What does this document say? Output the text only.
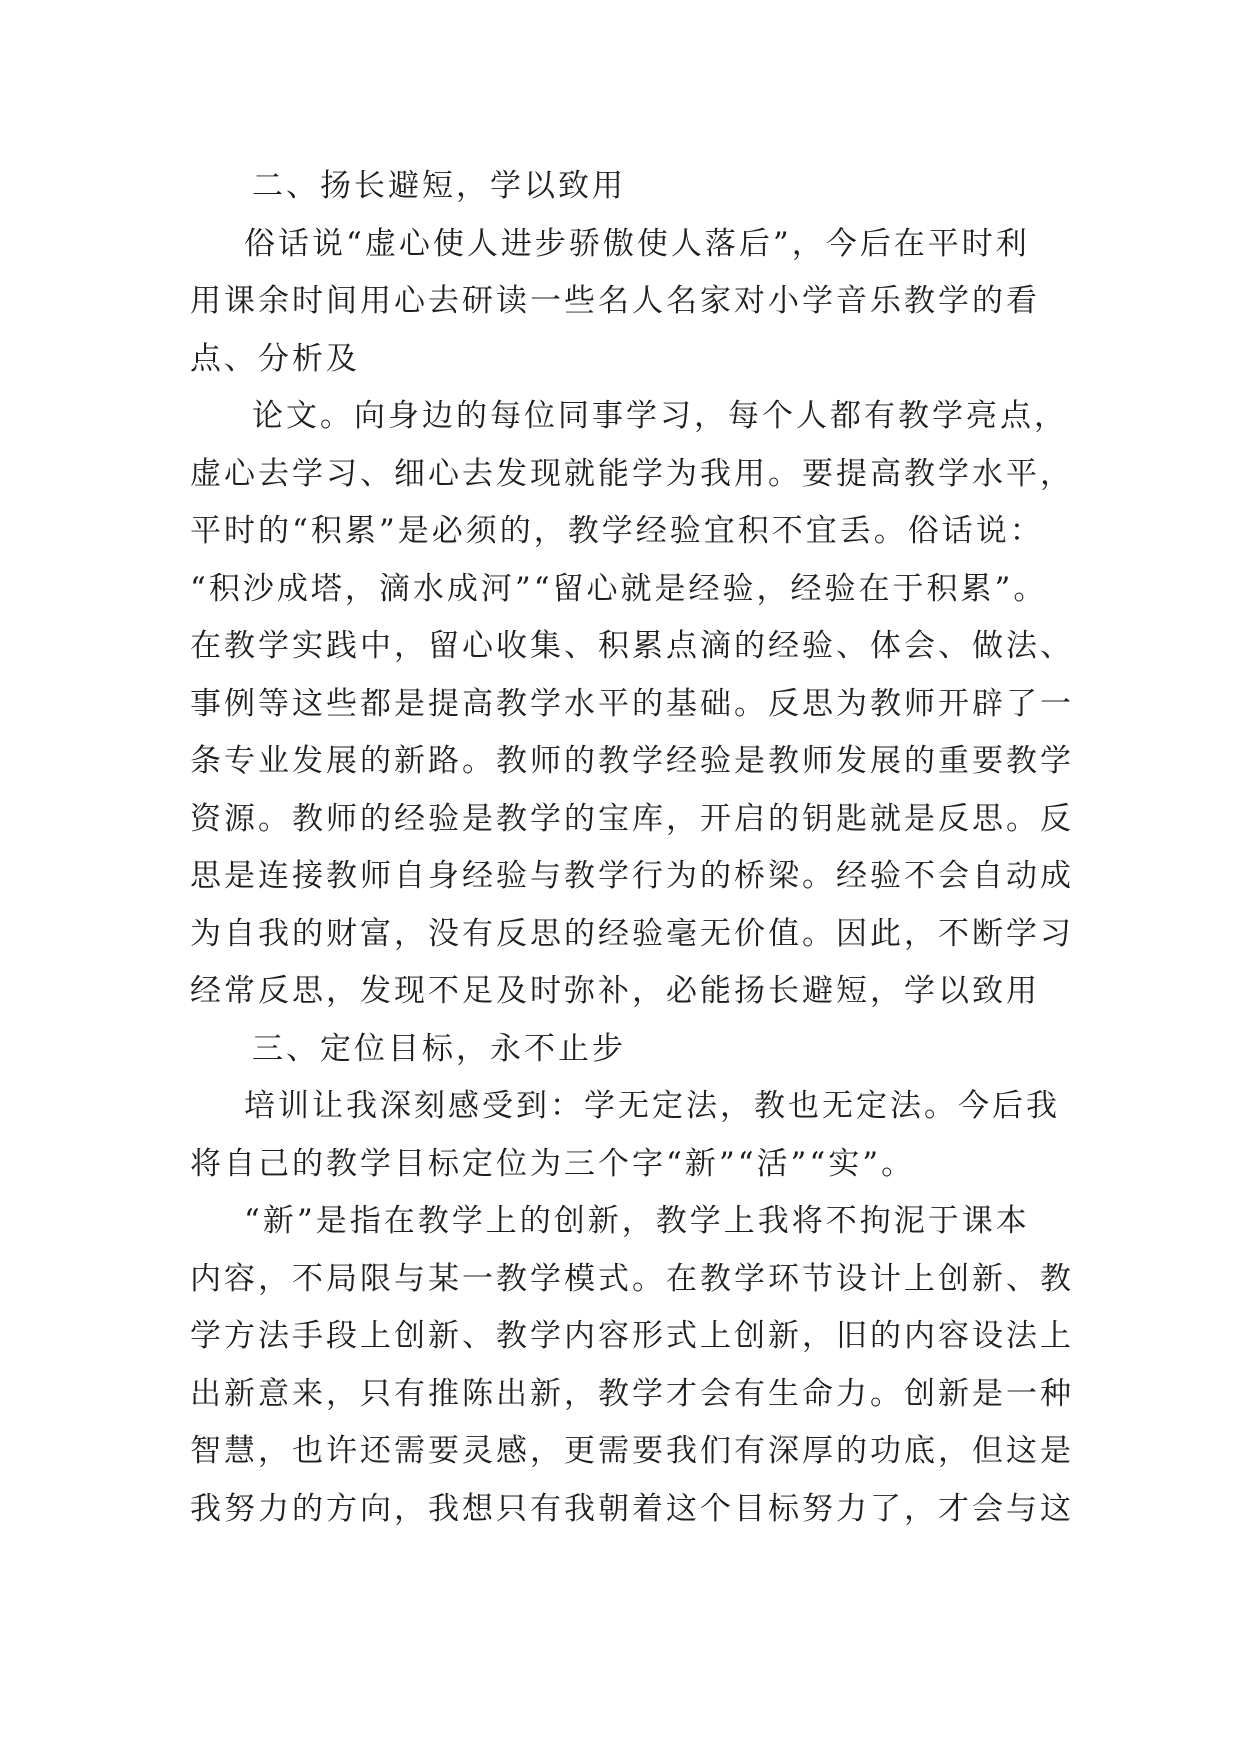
二、扬长避短，学以致用
俗话说“虚心使人进步骄傲使人落后”，今后在平时利
用课余时间用心去研读一些名人名家对小学音乐教学的看
点、分析及
论文。向身边的每位同事学习，每个人都有教学亮点，
虚心去学习、细心去发现就能学为我用。要提高教学水平，
平时的“积累”是必须的，教学经验宜积不宜丢。俗话说：
“积沙成塔，滴水成河”“留心就是经验，经验在于积累”。
在教学实践中，留心收集、积累点滴的经验、体会、做法、
事例等这些都是提高教学水平的基础。反思为教师开辟了一
条专业发展的新路。教师的教学经验是教师发展的重要教学
资源。教师的经验是教学的宝库，开启的钥匙就是反思。反
思是连接教师自身经验与教学行为的桥梁。经验不会自动成
为自我的财富，没有反思的经验毫无价值。因此，不断学习
经常反思，发现不足及时弥补，必能扬长避短，学以致用
三、定位目标，永不止步
培训让我深刻感受到：学无定法，教也无定法。今后我
将自己的教学目标定位为三个字“新”“活”“实”。
“新”是指在教学上的创新，教学上我将不拘泥于课本
内容，不局限与某一教学模式。在教学环节设计上创新、教
学方法手段上创新、教学内容形式上创新，旧的内容设法上
出新意来，只有推陈出新，教学才会有生命力。创新是一种
智慧，也许还需要灵感，更需要我们有深厚的功底，但这是
我努力的方向，我想只有我朝着这个目标努力了，才会与这
